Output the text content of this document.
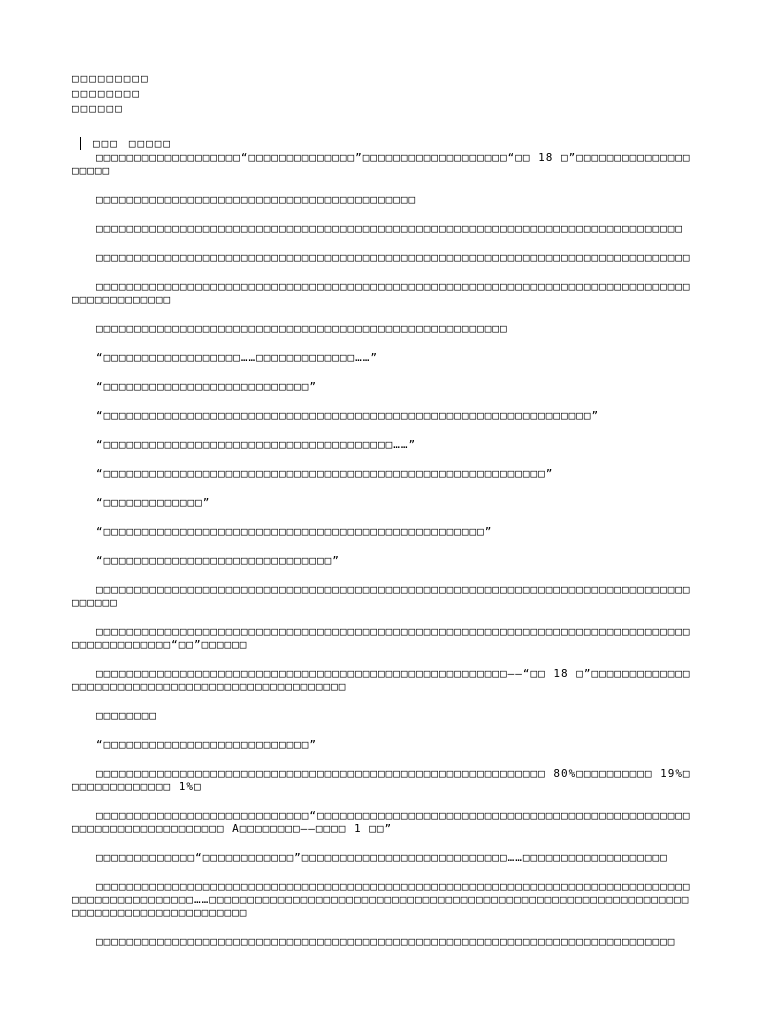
□□□□□□□□□
□□□□□□□□
□□□□□□
□□□ □□□□□

□□□□□□□□□□□□□□□□□□□“□□□□□□□□□□□□□□”□□□□□□□□□□□□□□□□□□□“□□ 18 □”□□□□□□□□□□□□□□□□□□□□

□□□□□□□□□□□□□□□□□□□□□□□□□□□□□□□□□□□□□□□□□□

□□□□□□□□□□□□□□□□□□□□□□□□□□□□□□□□□□□□□□□□□□□□□□□□□□□□□□□□□□□□□□□□□□□□□□□□□□□□□

□□□□□□□□□□□□□□□□□□□□□□□□□□□□□□□□□□□□□□□□□□□□□□□□□□□□□□□□□□□□□□□□□□□□□□□□□□□□□□

□□□□□□□□□□□□□□□□□□□□□□□□□□□□□□□□□□□□□□□□□□□□□□□□□□□□□□□□□□□□□□□□□□□□□□□□□□□□□□□□□□□□□□□□□□□

□□□□□□□□□□□□□□□□□□□□□□□□□□□□□□□□□□□□□□□□□□□□□□□□□□□□□□

“□□□□□□□□□□□□□□□□□□……□□□□□□□□□□□□□……”

“□□□□□□□□□□□□□□□□□□□□□□□□□□□”

“□□□□□□□□□□□□□□□□□□□□□□□□□□□□□□□□□□□□□□□□□□□□□□□□□□□□□□□□□□□□□□□□”

“□□□□□□□□□□□□□□□□□□□□□□□□□□□□□□□□□□□□□□……”

“□□□□□□□□□□□□□□□□□□□□□□□□□□□□□□□□□□□□□□□□□□□□□□□□□□□□□□□□□□”

“□□□□□□□□□□□□□”

“□□□□□□□□□□□□□□□□□□□□□□□□□□□□□□□□□□□□□□□□□□□□□□□□□□”

“□□□□□□□□□□□□□□□□□□□□□□□□□□□□□□”

□□□□□□□□□□□□□□□□□□□□□□□□□□□□□□□□□□□□□□□□□□□□□□□□□□□□□□□□□□□□□□□□□□□□□□□□□□□□□□□□□□□□

□□□□□□□□□□□□□□□□□□□□□□□□□□□□□□□□□□□□□□□□□□□□□□□□□□□□□□□□□□□□□□□□□□□□□□□□□□□□□□□□□□□□□□□□□□□“□□”□□□□□□

□□□□□□□□□□□□□□□□□□□□□□□□□□□□□□□□□□□□□□□□□□□□□□□□□□□□□□——“□□ 18 □”□□□□□□□□□□□□□□□□□□□□□□□□□□□□□□□□□□□□□□□□□□□□□□□□□

□□□□□□□□

“□□□□□□□□□□□□□□□□□□□□□□□□□□□”

□□□□□□□□□□□□□□□□□□□□□□□□□□□□□□□□□□□□□□□□□□□□□□□□□□□□□□□□□□□ 80%□□□□□□□□□□ 19%□□□□□□□□□□□□□□ 1%□

□□□□□□□□□□□□□□□□□□□□□□□□□□□□“□□□□□□□□□□□□□□□□□□□□□□□□□□□□□□□□□□□□□□□□□□□□□□□□□□□□□□□□□□□□□□□□□□□□□ A□□□□□□□□——□□□□ 1 □□”

□□□□□□□□□□□□□“□□□□□□□□□□□□”□□□□□□□□□□□□□□□□□□□□□□□□□□□……□□□□□□□□□□□□□□□□□□□

□□□□□□□□□□□□□□□□□□□□□□□□□□□□□□□□□□□□□□□□□□□□□□□□□□□□□□□□□□□□□□□□□□□□□□□□□□□□□□□□□□□□□□□□□□□□□□……□□□□□□□□□□□□□□□□□□□□□□□□□□□□□□□□□□□□□□□□□□□□□□□□□□□□□□□□□□□□□□□□□□□□□□□□□□□□□□□□□□□□□□

□□□□□□□□□□□□□□□□□□□□□□□□□□□□□□□□□□□□□□□□□□□□□□□□□□□□□□□□□□□□□□□□□□□□□□□□□□□□
